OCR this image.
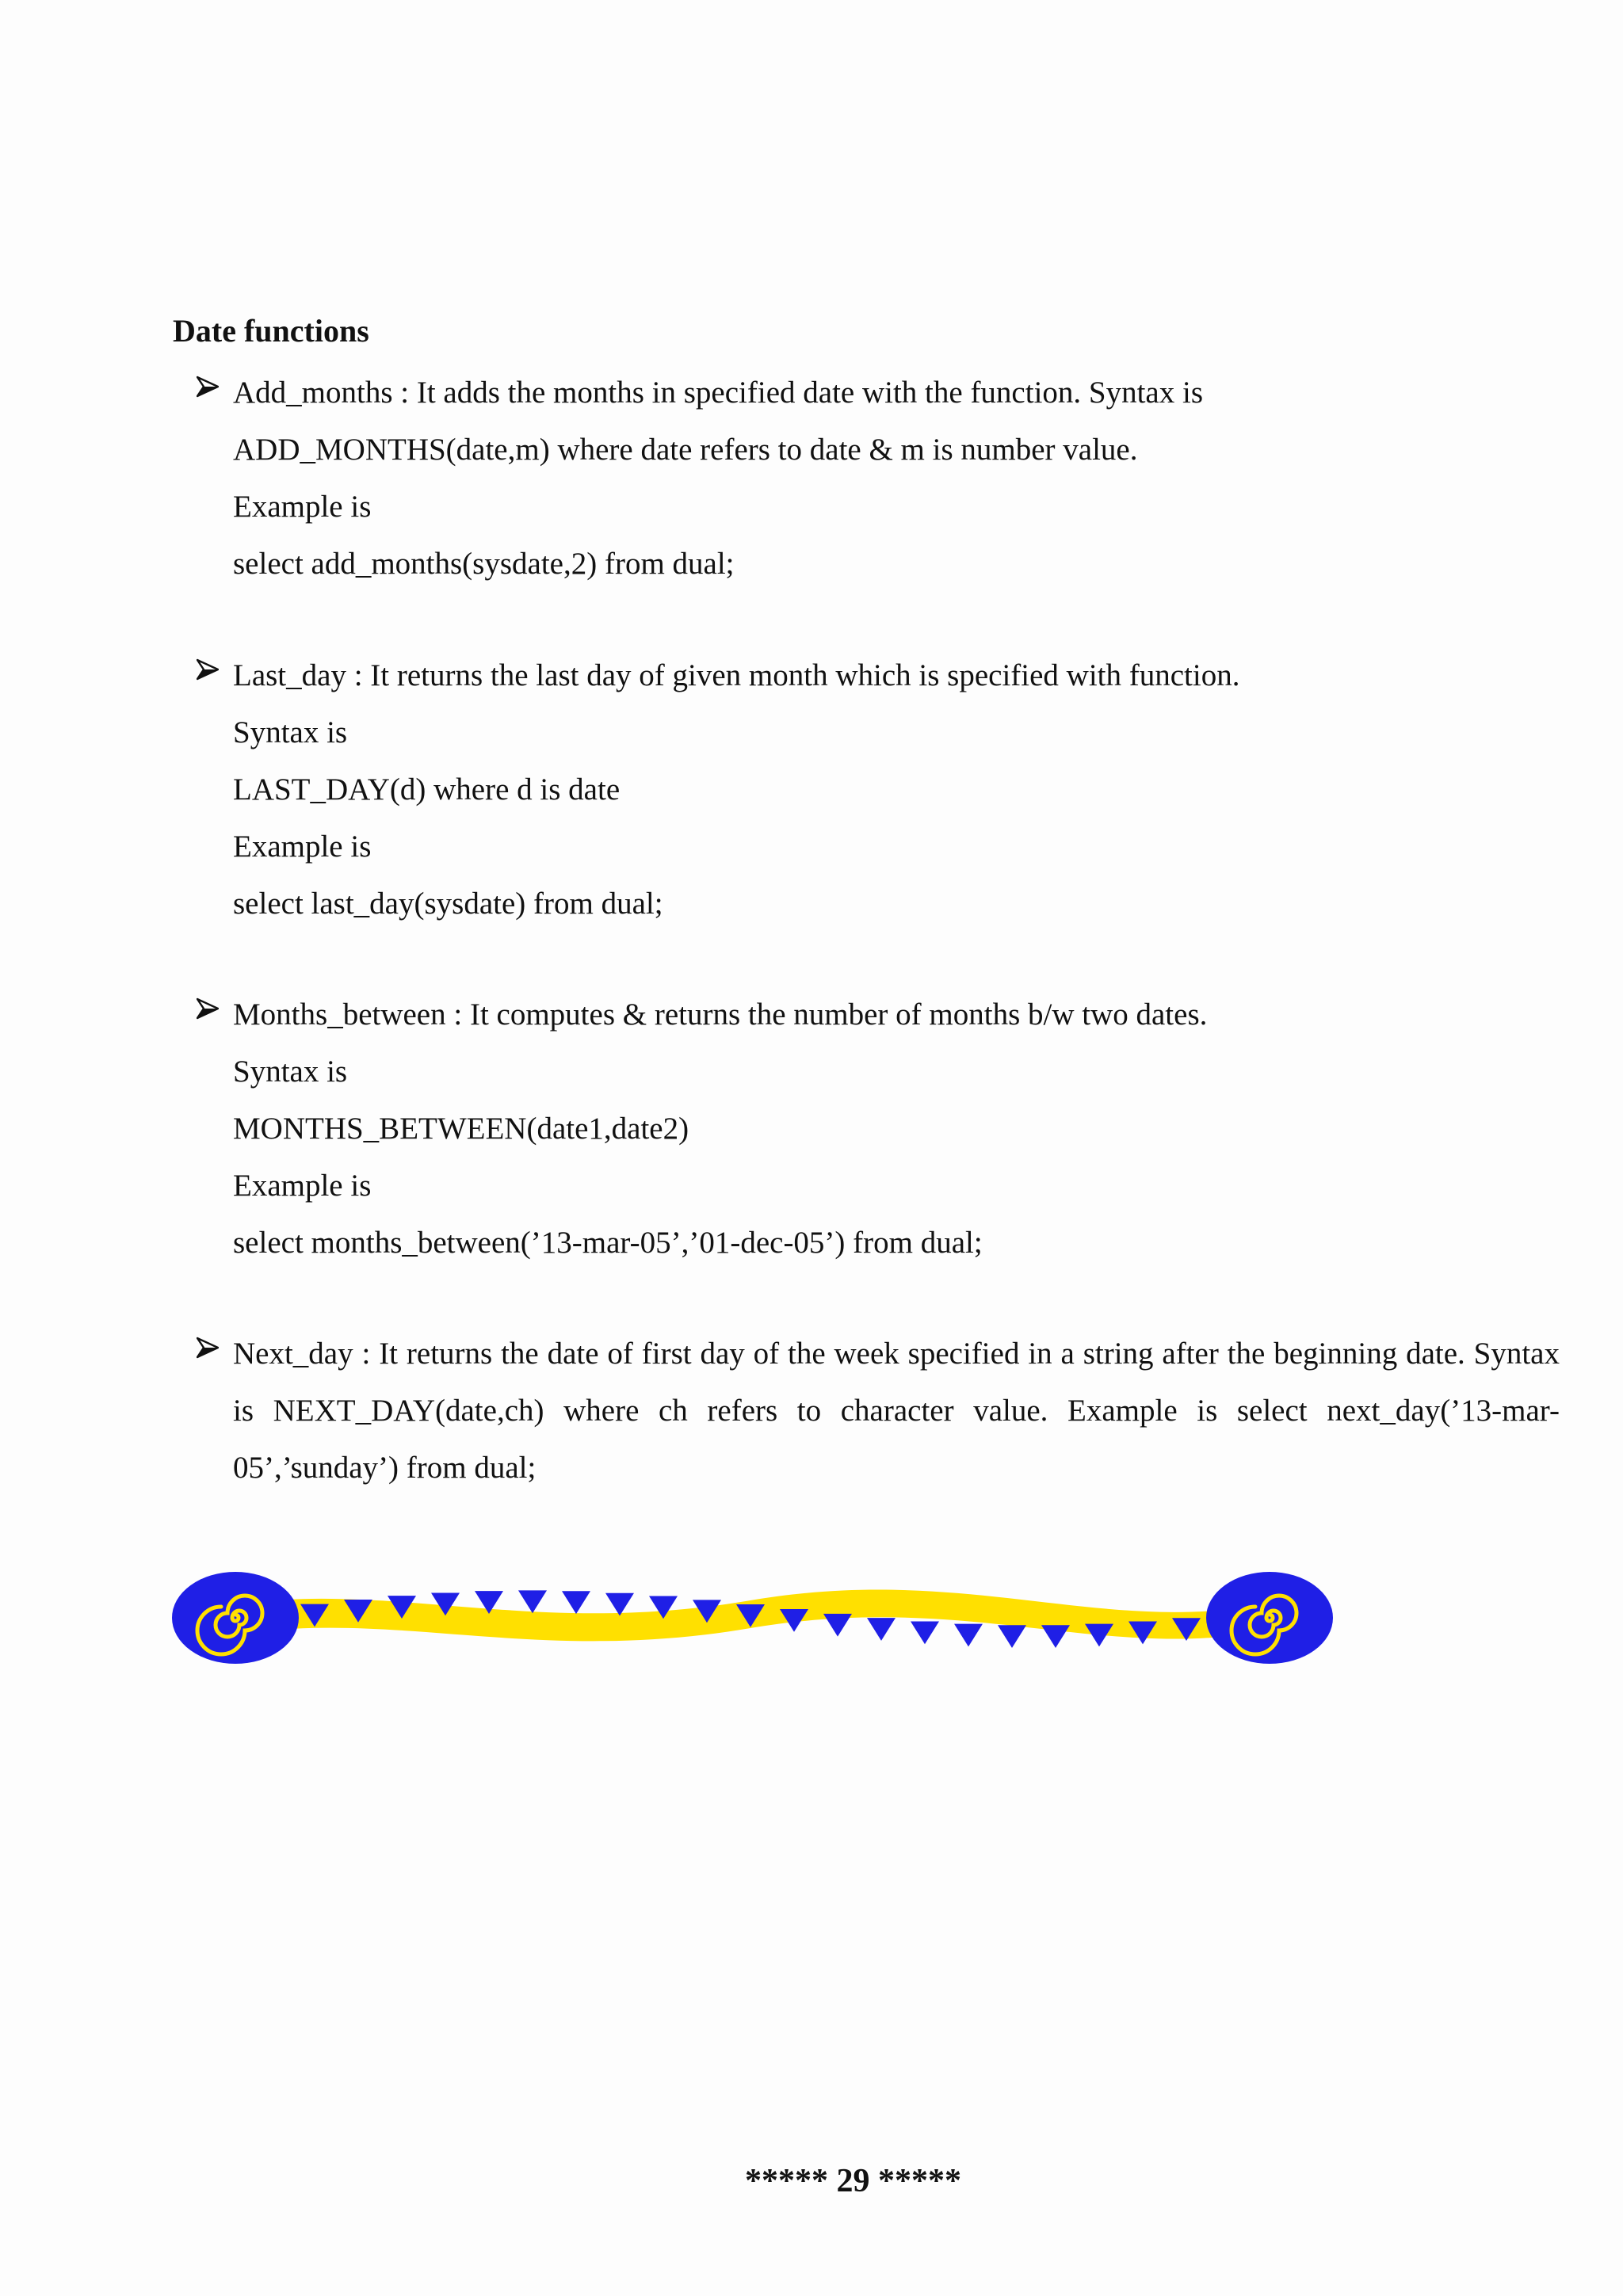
Date functions
Add_months : It adds the months in specified date with the function. Syntax is
ADD_MONTHS(date,m) where date refers to date & m is number value.
Example is
select add_months(sysdate,2) from dual;
Last_day : It returns the last day of given month which is specified with function.
Syntax is
LAST_DAY(d) where d is date
Example is
select last_day(sysdate) from dual;
Months_between : It computes & returns the number of months b/w two dates.
Syntax is
MONTHS_BETWEEN(date1,date2)
Example is
select months_between(’13-mar-05’,’01-dec-05’) from dual;
Next_day : It returns the date of first day of the week specified in a string after the beginning date. Syntax is NEXT_DAY(date,ch) where ch refers to character value. Example is select next_day(’13-mar-05’,’sunday’) from dual;
***** 29 *****
